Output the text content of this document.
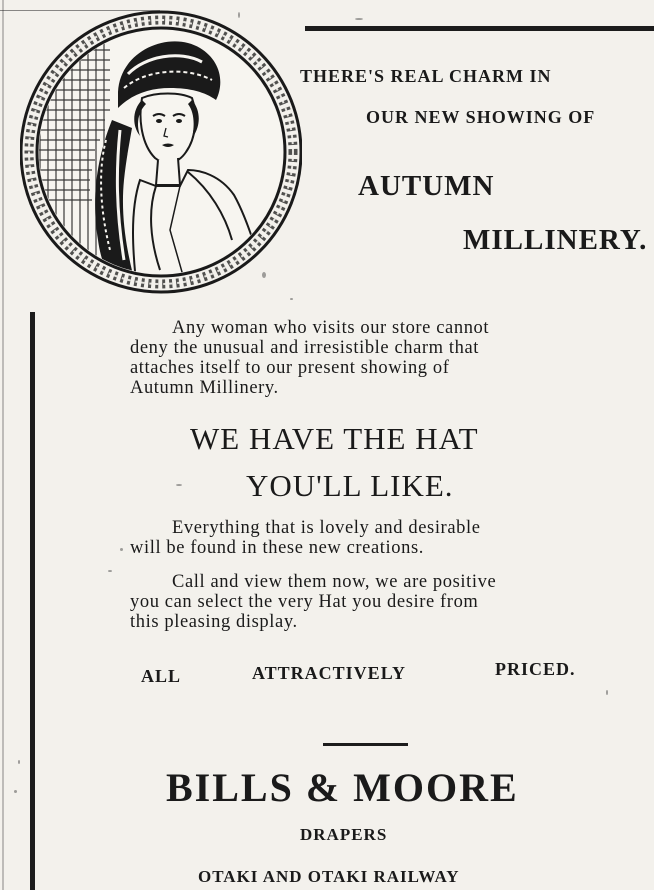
THERE'S REAL CHARM IN
OUR NEW SHOWING OF
AUTUMN
MILLINERY.
Any woman who visits our store cannot
deny the unusual and irresistible charm that
attaches itself to our present showing of
Autumn Millinery.
WE HAVE THE HAT
YOU'LL LIKE.
Everything that is lovely and desirable
will be found in these new creations.
Call and view them now, we are positive
you can select the very Hat you desire from
this pleasing display.
ALL	ATTRACTIVELY	PRICED.
BILLS & MOORE
DRAPERS
OTAKI AND OTAKI RAILWAY
